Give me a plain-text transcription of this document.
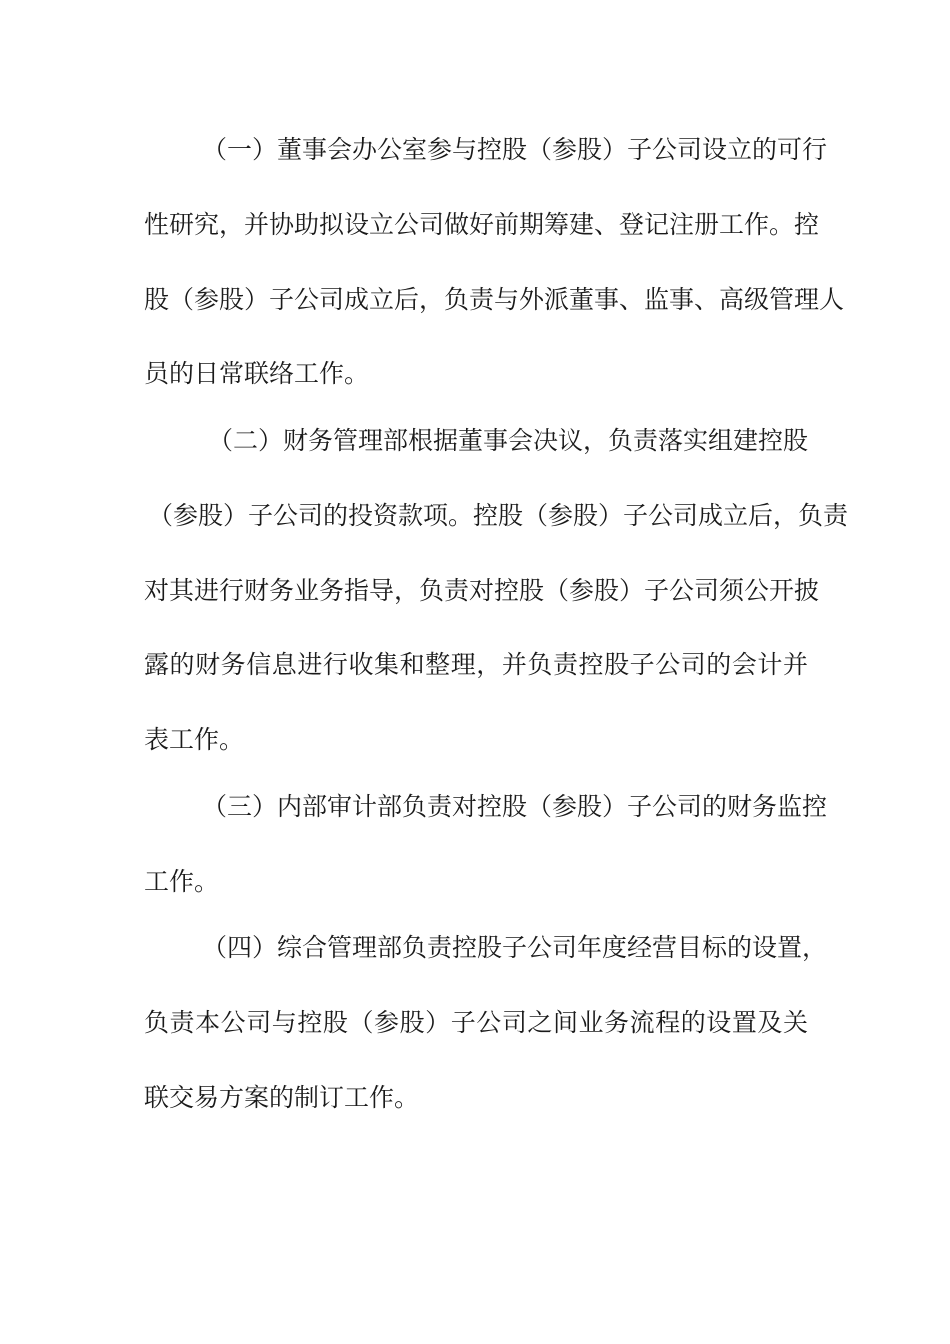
（一）董事会办公室参与控股（参股）子公司设立的可行
性研究，并协助拟设立公司做好前期筹建、登记注册工作。控
股（参股）子公司成立后，负责与外派董事、监事、高级管理人
员的日常联络工作。
（二）财务管理部根据董事会决议，负责落实组建控股
（参股）子公司的投资款项。控股（参股）子公司成立后，负责
对其进行财务业务指导，负责对控股（参股）子公司须公开披
露的财务信息进行收集和整理，并负责控股子公司的会计并
表工作。
（三）内部审计部负责对控股（参股）子公司的财务监控
工作。
（四）综合管理部负责控股子公司年度经营目标的设置，
负责本公司与控股（参股）子公司之间业务流程的设置及关
联交易方案的制订工作。
